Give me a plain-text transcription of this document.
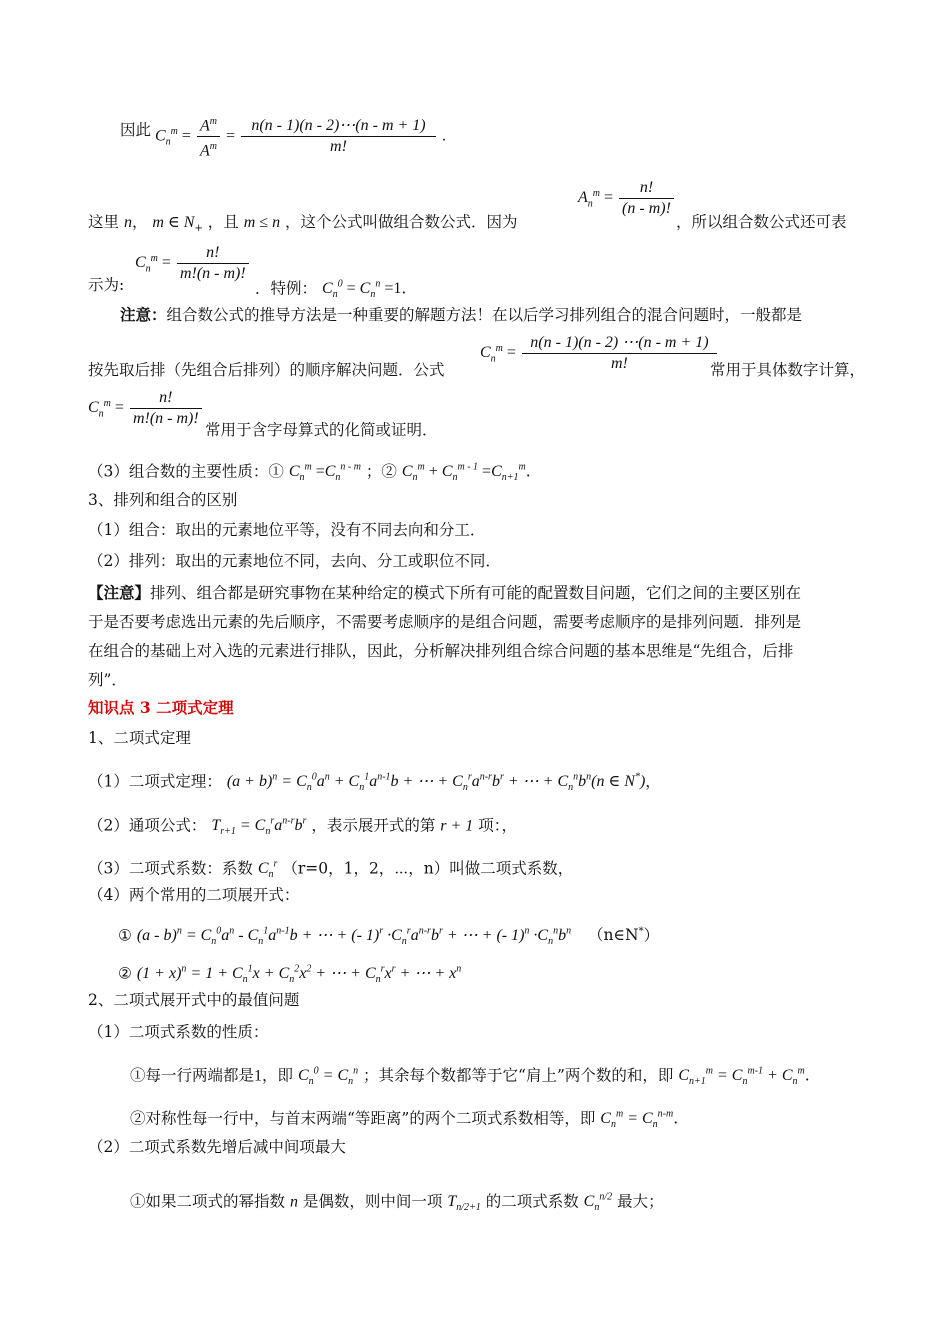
因此 $C_n^m = \frac{A^m}{A^m} = \frac{n(n - 1)(n - 2)\cdots(n - m + 1)}{m!}$ .
这里 n， m ∈ $N_+$ ，且 m ≤ n ，这个公式叫做组合数公式．因为
$A_n^m = \frac{n!}{(n - m)!}$
，所以组合数公式还可表
示为:
$C_n^m = \frac{n!}{m!(n - m)!}$
．特例： $C_n^0 = C_n^n =1$.
注意：组合数公式的推导方法是一种重要的解题方法！在以后学习排列组合的混合问题时，一般都是
按先取后排（先组合后排列）的顺序解决问题．公式
$C_n^m = \frac{n(n - 1)(n - 2) \cdots(n - m + 1)}{m!}$
常用于具体数字计算，
$C_n^m = \frac{n!}{m!(n - m)!}$
常用于含字母算式的化简或证明．
（3）组合数的主要性质：① $C_n^m =C_n^{n - m}$ ；② $C_n^m + C_n^{m - 1} =C_{n+1}^m$.
3、排列和组合的区别
（1）组合：取出的元素地位平等，没有不同去向和分工．
（2）排列：取出的元素地位不同，去向、分工或职位不同．
【注意】排列、组合都是研究事物在某种给定的模式下所有可能的配置数目问题，它们之间的主要区别在
于是否要考虑选出元素的先后顺序，不需要考虑顺序的是组合问题，需要考虑顺序的是排列问题．排列是
在组合的基础上对入选的元素进行排队，因此，分析解决排列组合综合问题的基本思维是“先组合，后排
列”．
知识点 3 二项式定理
1、二项式定理
（1）二项式定理： $(a + b)^n = C_n^0a^n + C_n^1a^{n-1}b$ + ⋯ + $C_n^ra^{n-r}b^r$ + ⋯ + $C_n^nb^n(n$ ∈ N*)，
（2）通项公式： $T_{r+1} = C_n^ra^{n-r}b^r$ ，表示展开式的第 r + 1 项：，
（3）二项式系数：系数 $C_n^r$ （r=0，1，2，⋯，n）叫做二项式系数，
（4）两个常用的二项展开式：
① $(a - b)^n = C_n^0a^n - C_n^1a^{n-1}b$ + ⋯ + (- $1)^r \cdot C_n^ra^{n-r}b^r$ + ⋯ + (- $1)^n \cdot C_n^nb^n$ （n∈N*）
② $(1 + x)^n = 1 + C_n^1x + C_n^2x^2$ + ⋯ + $C_n^rx^r$ + ⋯ + $x^n$
2、二项式展开式中的最值问题
（1）二项式系数的性质：
①每一行两端都是1，即 $C_n^0 = C_n^n$ ；其余每个数都等于它“肩上”两个数的和，即 $C_{n+1}^m = C_n^{m-1} + C_n^m$.
②对称性每一行中，与首末两端“等距离”的两个二项式系数相等，即 $C_n^m = C_n^{n-m}$.
（2）二项式系数先增后减中间项最大
①如果二项式的幂指数 n 是偶数，则中间一项 $T_{n/2+1}$ 的二项式系数 $C_n^{n/2}$ 最大；
